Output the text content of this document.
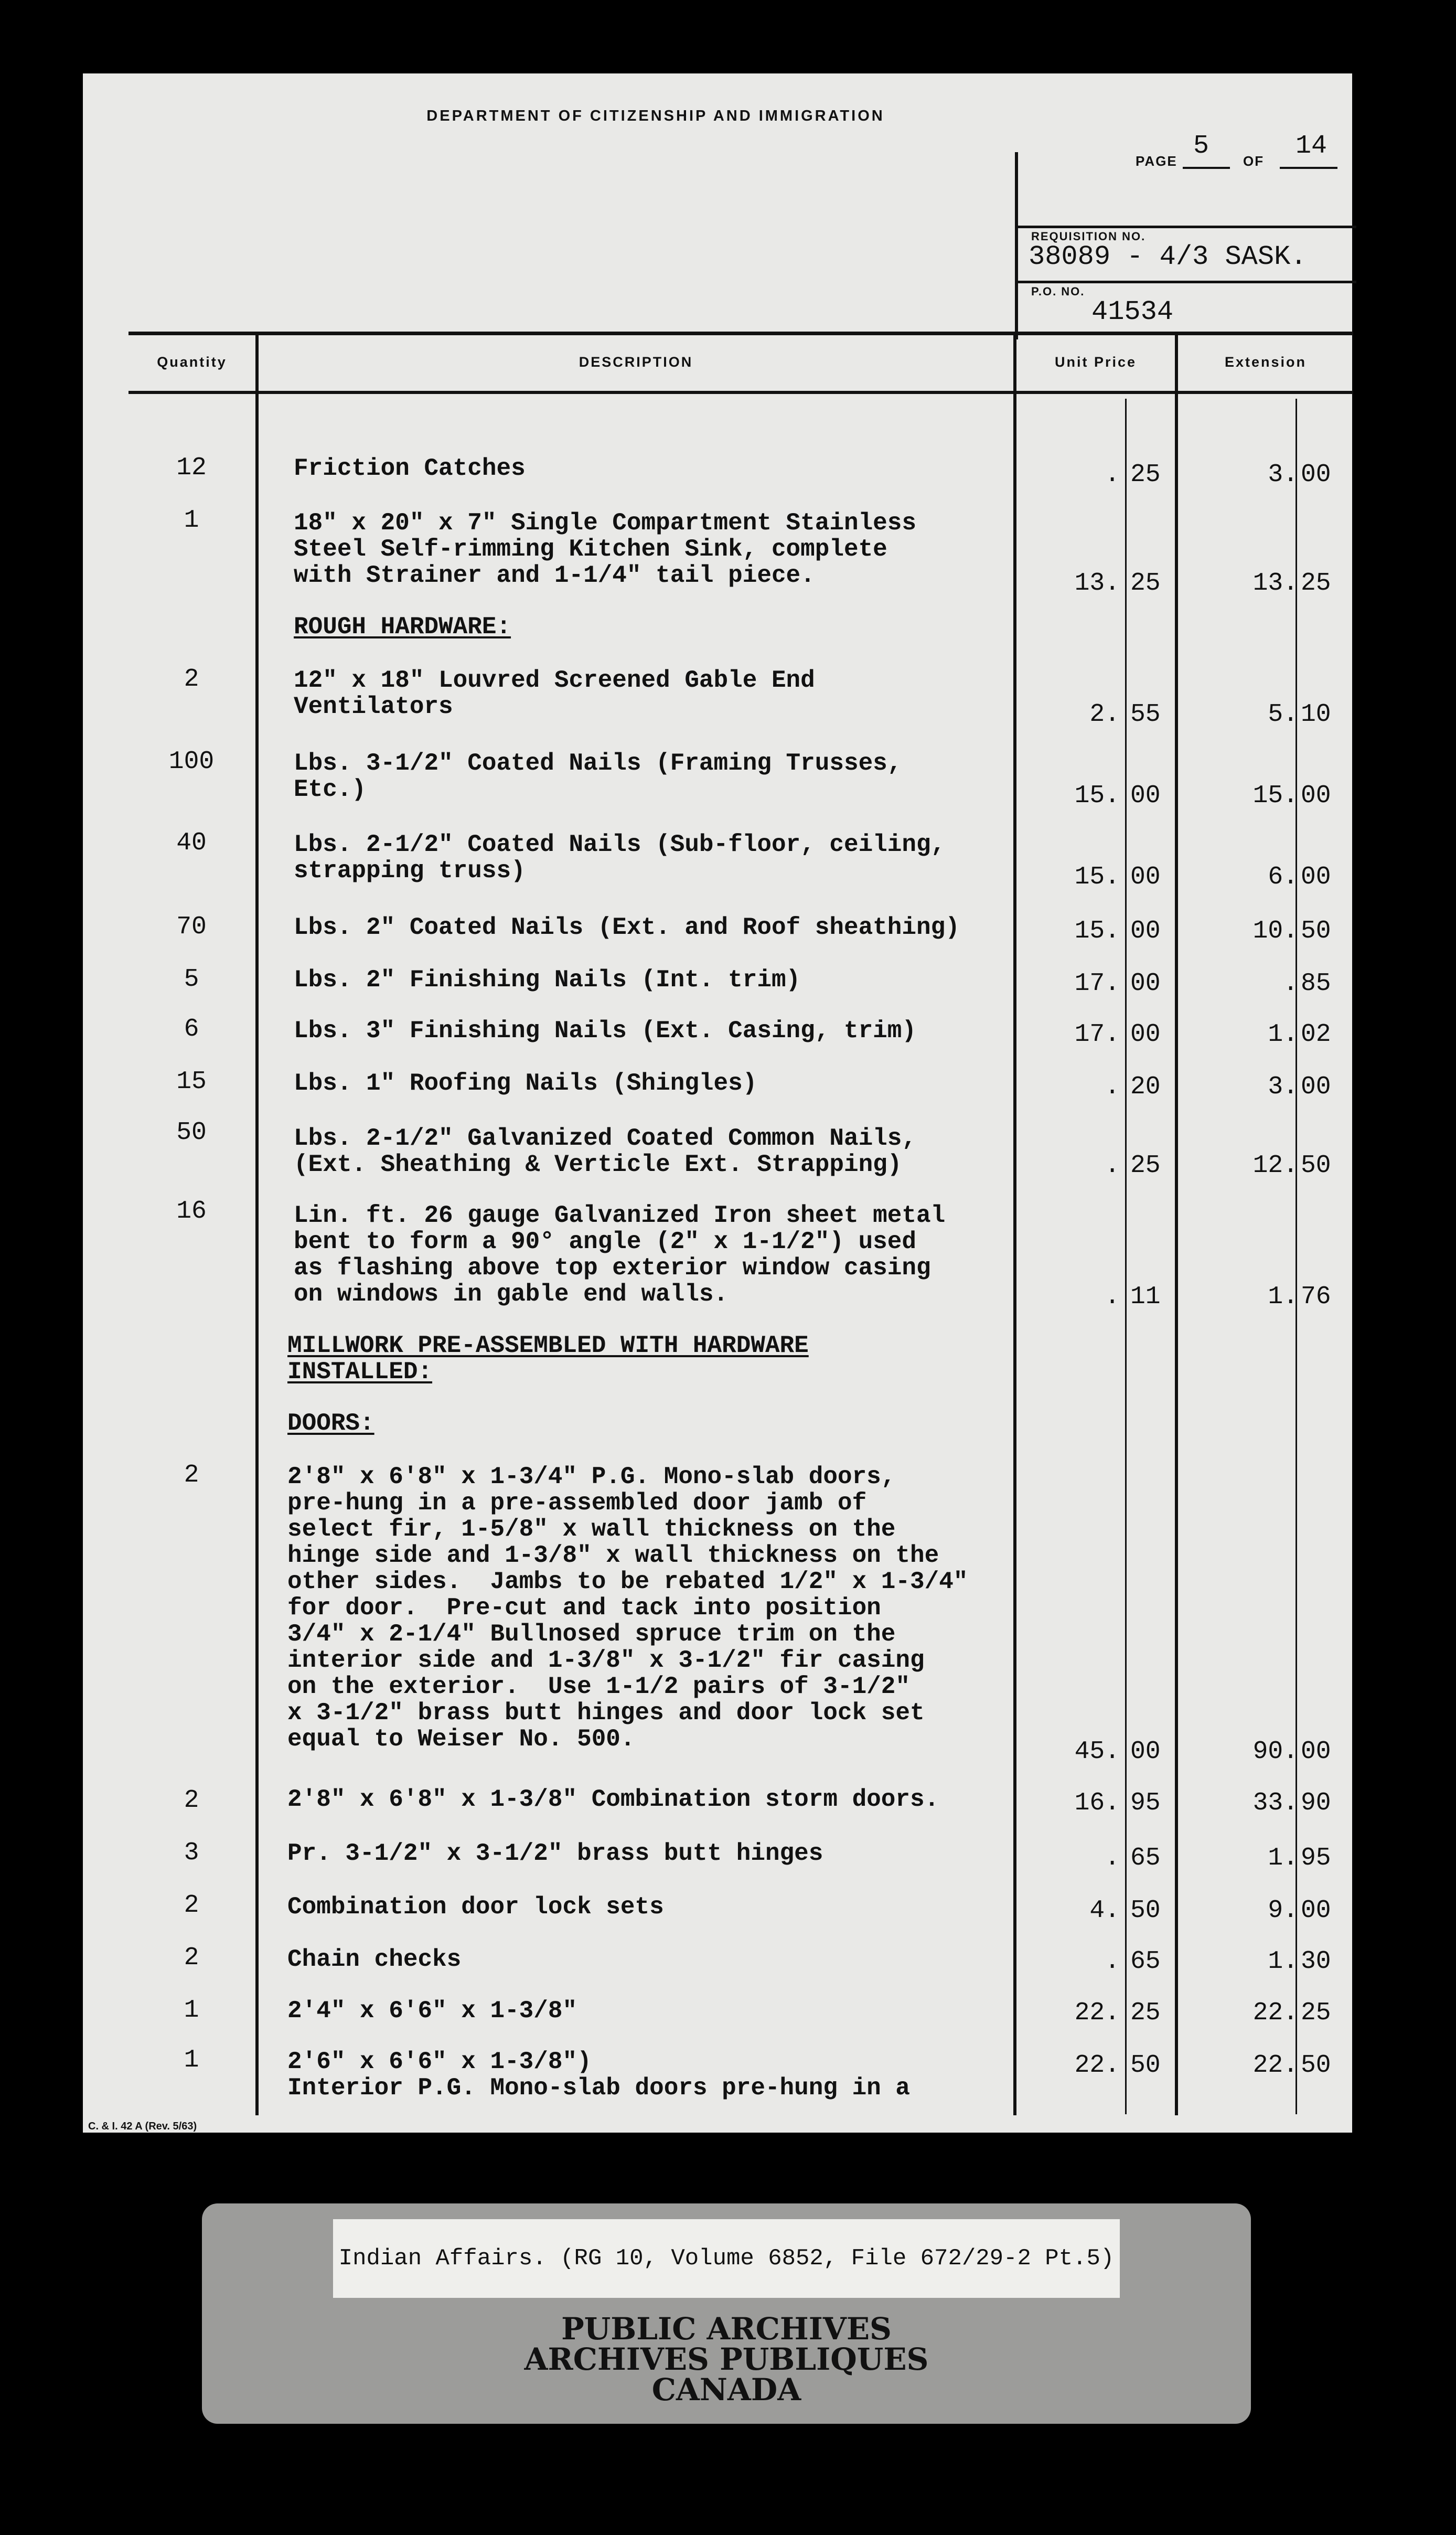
DEPARTMENT OF CITIZENSHIP AND IMMIGRATION
PAGE 5 OF 14
REQUISITION NO.
38089 - 4/3 SASK.
P.O. NO.
41534
Quantity	DESCRIPTION	Unit Price	Extension
12	Friction Catches	. 25	3. 00
1	18" x 20" x 7" Single Compartment Stainless
Steel Self-rimming Kitchen Sink, complete
with Strainer and 1-1/4" tail piece.	13. 25	13. 25
ROUGH HARDWARE:
2	12" x 18" Louvred Screened Gable End
Ventilators	2. 55	5. 10
100	Lbs. 3-1/2" Coated Nails (Framing Trusses,
Etc.)	15. 00	15. 00
40	Lbs. 2-1/2" Coated Nails (Sub-floor, ceiling,
strapping truss)	15. 00	6. 00
70	Lbs. 2" Coated Nails (Ext. and Roof sheathing)	15. 00	10. 50
5	Lbs. 2" Finishing Nails (Int. trim)	17. 00	. 85
6	Lbs. 3" Finishing Nails (Ext. Casing, trim)	17. 00	1. 02
15	Lbs. 1" Roofing Nails (Shingles)	. 20	3. 00
50	Lbs. 2-1/2" Galvanized Coated Common Nails,
(Ext. Sheathing & Verticle Ext. Strapping)	. 25	12. 50
16	Lin. ft. 26 gauge Galvanized Iron sheet metal
bent to form a 90° angle (2" x 1-1/2") used
as flashing above top exterior window casing
on windows in gable end walls.	. 11	1. 76
MILLWORK PRE-ASSEMBLED WITH HARDWARE
INSTALLED:
DOORS:
2	2'8" x 6'8" x 1-3/4" P.G. Mono-slab doors,
pre-hung in a pre-assembled door jamb of
select fir, 1-5/8" x wall thickness on the
hinge side and 1-3/8" x wall thickness on the
other sides.  Jambs to be rebated 1/2" x 1-3/4"
for door.  Pre-cut and tack into position
3/4" x 2-1/4" Bullnosed spruce trim on the
interior side and 1-3/8" x 3-1/2" fir casing
on the exterior.  Use 1-1/2 pairs of 3-1/2"
x 3-1/2" brass butt hinges and door lock set
equal to Weiser No. 500.	45. 00	90. 00
2	2'8" x 6'8" x 1-3/8" Combination storm doors.	16. 95	33. 90
3	Pr. 3-1/2" x 3-1/2" brass butt hinges	. 65	1. 95
2	Combination door lock sets	4. 50	9. 00
2	Chain checks	. 65	1. 30
1	2'4" x 6'6" x 1-3/8"	22. 25	22. 25
1	2'6" x 6'6" x 1-3/8")
Interior P.G. Mono-slab doors pre-hung in a
22. 50	22. 50
C. & I. 42 A (Rev. 5/63)
Indian Affairs. (RG 10, Volume 6852, File 672/29-2 Pt.5)
PUBLIC ARCHIVES
ARCHIVES PUBLIQUES
CANADA
